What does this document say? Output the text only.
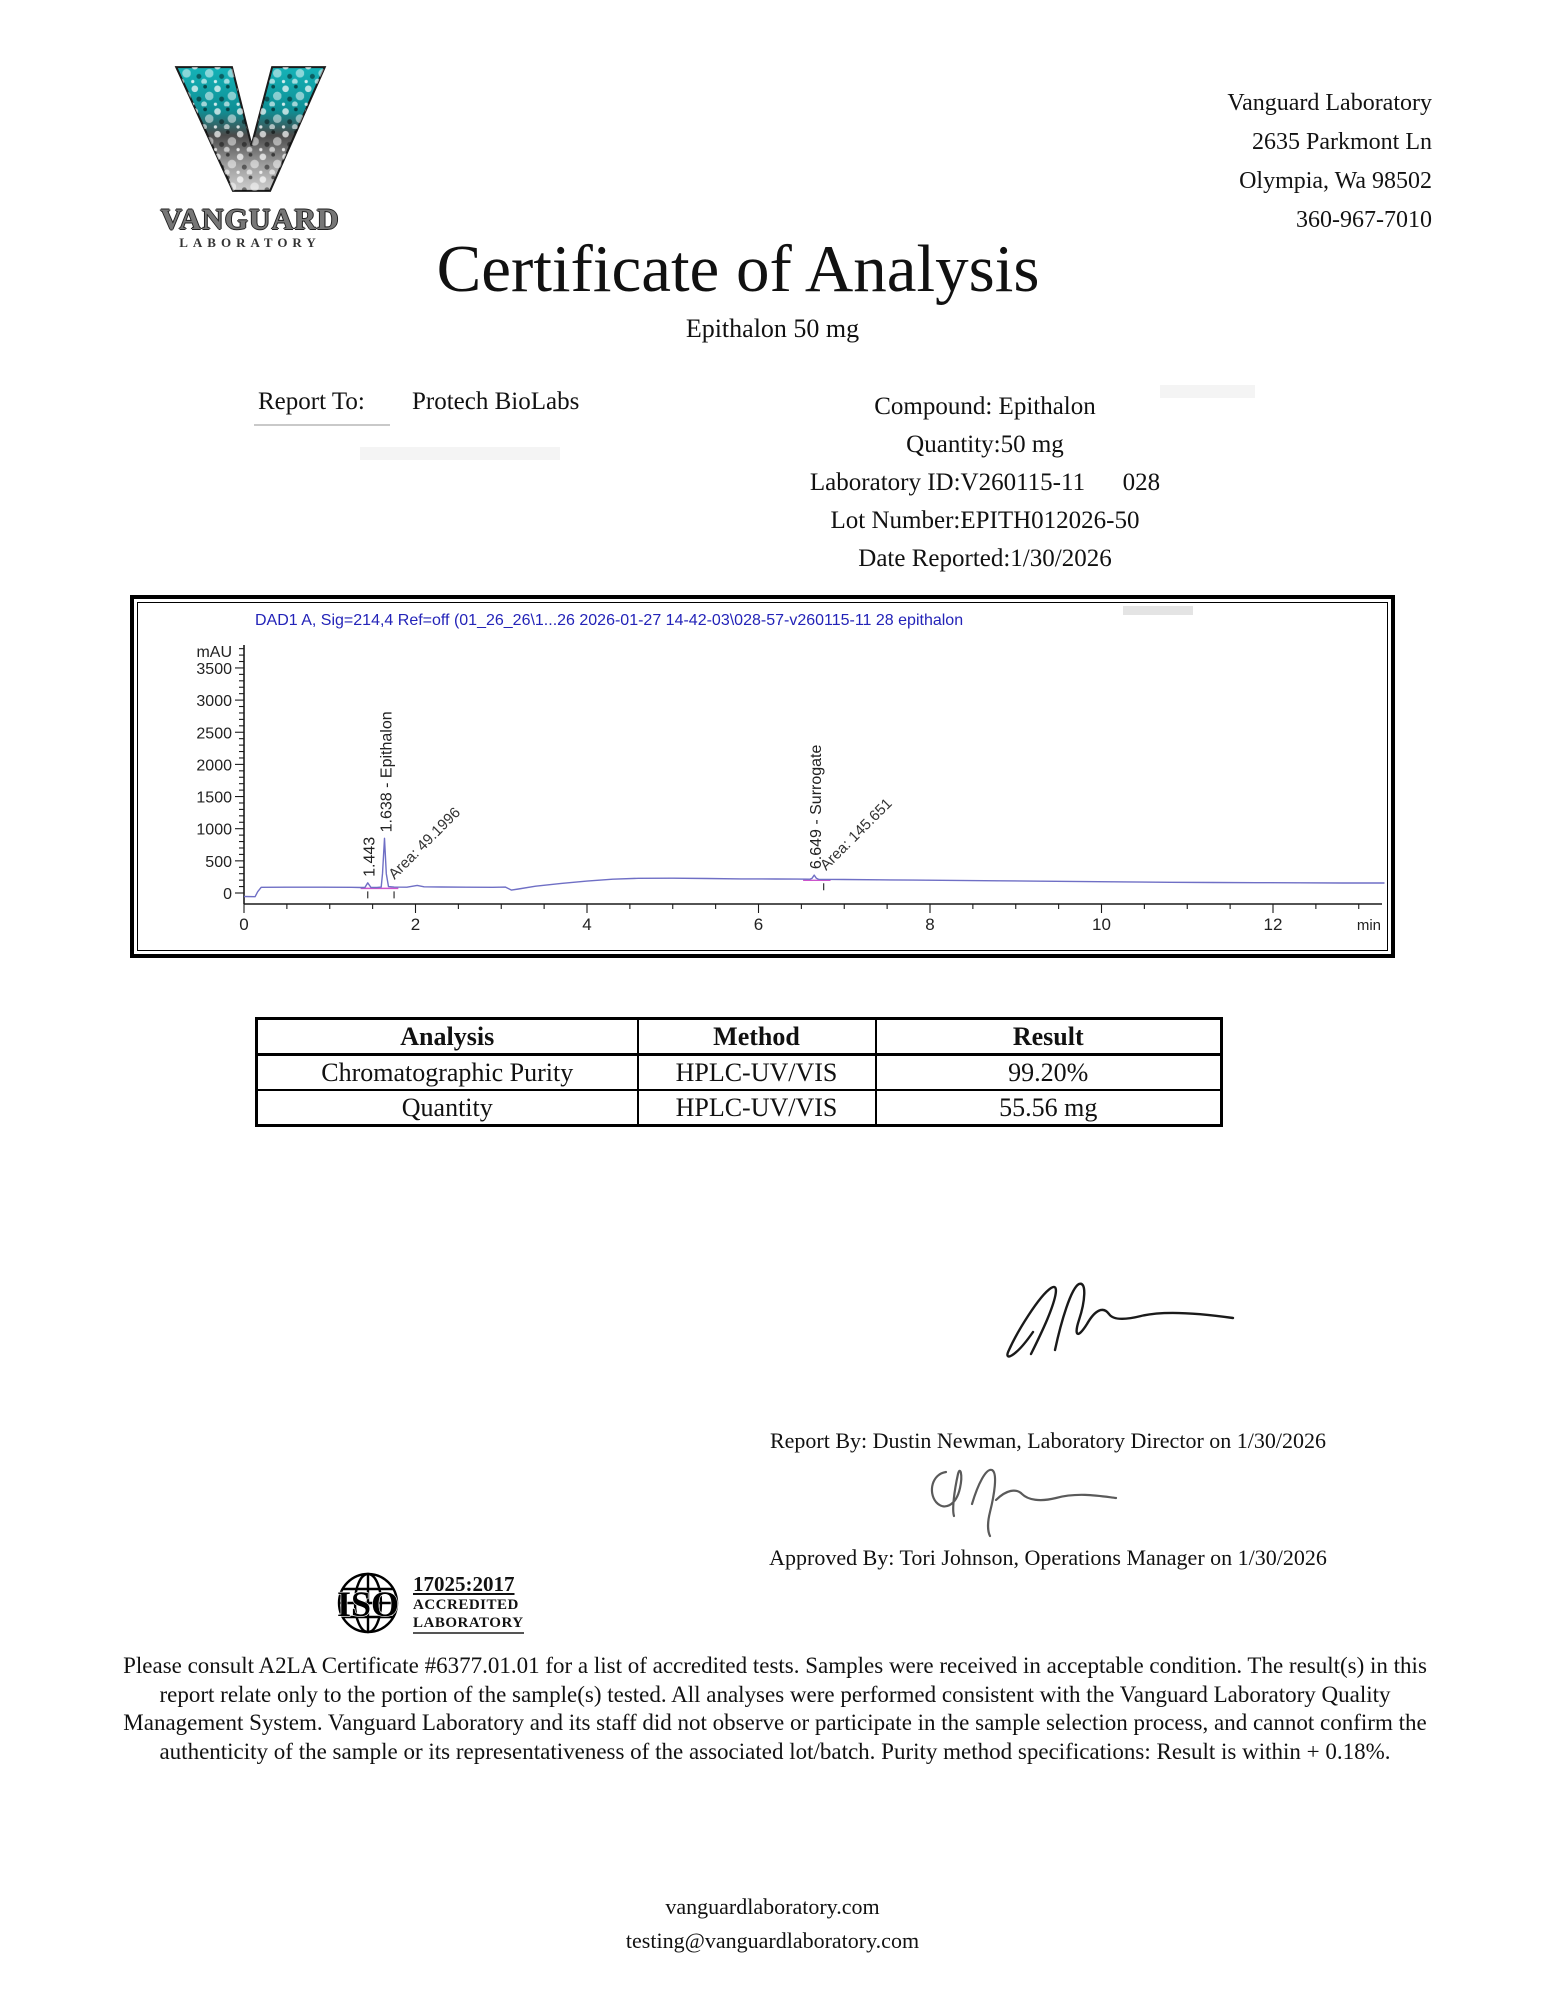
VANGUARD
LABORATORY
Vanguard Laboratory
2635 Parkmont Ln
Olympia, Wa 98502
360-967-7010
Certificate of Analysis
Epithalon 50 mg
Report To: Protech BioLabs	Compound: Epithalon
Quantity:50 mg
Laboratory ID:V260115-11      028
Lot Number:EPITH012026-50
Date Reported:1/30/2026
DAD1 A, Sig=214,4 Ref=off (01_26_26\1...26 2026-01-27 14-42-03\028-57-v260115-11 28 epithalon
mAU
0
500
1000
1500
2000
2500
3000
3500
0	2	4	6	8	10	12	min
1.443
1.638 - Epithalon
Area: 49.1996	6.649 - Surrogate
Area: 145.651
Analysis	Method	Result
Chromatographic Purity	HPLC-UV/VIS	99.20%
Quantity	HPLC-UV/VIS	55.56 mg
Report By: Dustin Newman, Laboratory Director on 1/30/2026
Approved By: Tori Johnson, Operations Manager on 1/30/2026
ISO 17025:2017
ACCREDITED
LABORATORY
Please consult A2LA Certificate #6377.01.01 for a list of accredited tests. Samples were received in acceptable condition. The result(s) in this report relate only to the portion of the sample(s) tested. All analyses were performed consistent with the Vanguard Laboratory Quality Management System. Vanguard Laboratory and its staff did not observe or participate in the sample selection process, and cannot confirm the authenticity of the sample or its representativeness of the associated lot/batch. Purity method specifications: Result is within + 0.18%.
vanguardlaboratory.com
testing@vanguardlaboratory.com
